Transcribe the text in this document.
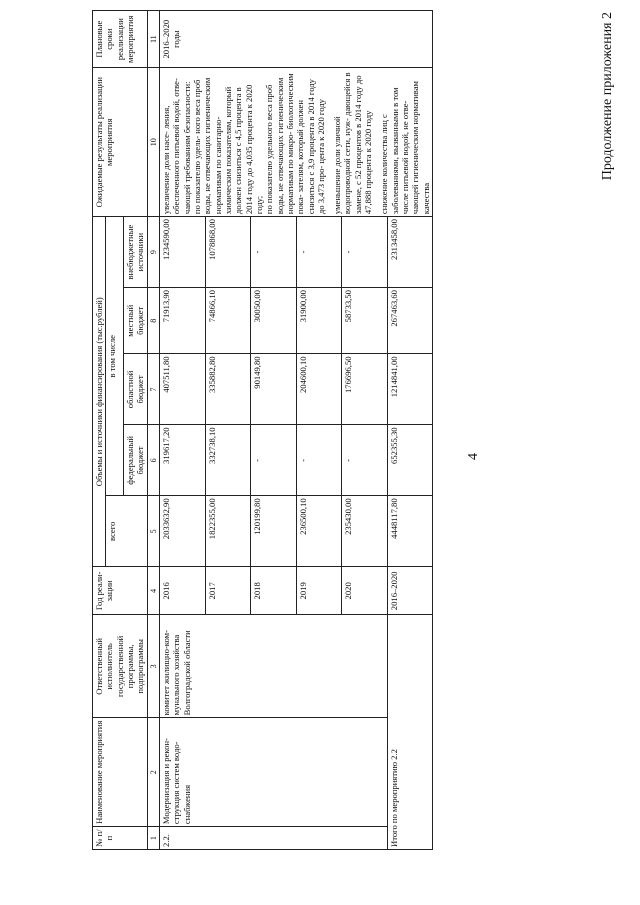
4
Продолжение приложения 2
№ п/п	Наименование мероприятия	Ответственный исполнитель государственной программы, подпрограммы	Год реали- зации	Объемы и источники финансирования (тыс.рублей)					Ожидаемые результаты реализации мероприятия	Плановые сроки реализации мероприятия
				всего	в том числе					
					федеральный бюджет	областной бюджет	местный бюджет	внебюджетные источники		
1	2	3	4	5	6	7	8	9	10	11
2.2.	Модернизация и рекон- струкция систем водо- снабжения	комитет жилищно-ком- мунального хозяйства Волгоградской области	2016	2033632,90	319617,20	407511,80	71913,90	1234590,00	увеличение доли насе- ления, обеспеченного питьевой водой, отве- чающей требованиям безопасности: по показателю удель- ного веса проб воды, не отвечающих гигиеническим нормативам по санитарно- химическим показателям, который должен снизиться с 4,5 процента в 2014 году до 4,035 процента к 2020 году; по показателю удельного веса проб воды, не отвечающих гигиеническим нормативам по микро- биологическим пока- зателям, который должен снизиться с 3,9 процента в 2014 году до 3,473 про- цента к 2020 году уменьшение доли уличной водопроводной сети, нуж- дающейся в замене, с 52 процентов в 2014 году до 47,888 процента к 2020 году снижение количества лиц с заболеваниями, вызванными в том числе питьевой водой, не отве- чающей гигиеническим нормативам качества	2016–2020 годы
			2017	1822355,00	332738,10	335882,80	74866,10	1078868,00		
			2018	120199,80	-	90149,80	30050,00	-		
			2019	236500,10	-	204600,10	31900,00	-		
			2020	235430,00	-	176696,50	58733,50	-		
Итого по мероприятию 2.2			2016–2020	4448117,80	652355,30	1214841,00	267463,60	2313458,00		
